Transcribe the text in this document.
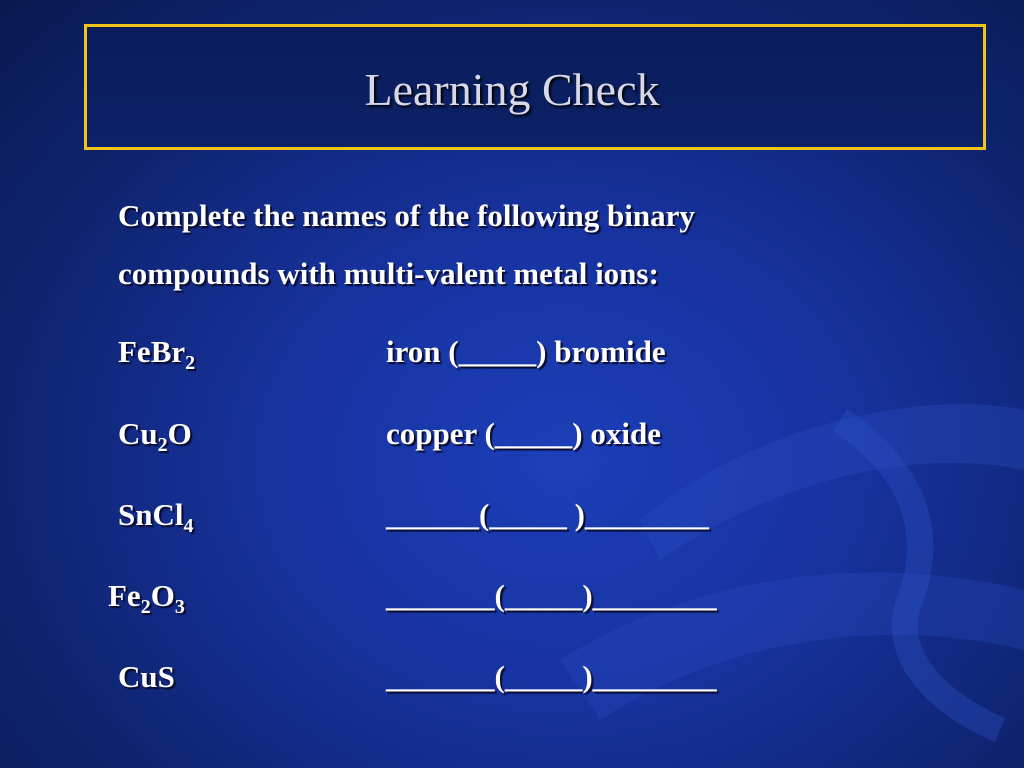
Learning Check
Complete the names of the following binary
compounds with multi-valent metal ions:
FeBr$_2$	iron (_____) bromide
$Cu_2O$	copper (_____) oxide
SnCl$_4$	______(_____ )________
$Fe_2O_3$	_______(_____)________
CuS	_______(_____)________
